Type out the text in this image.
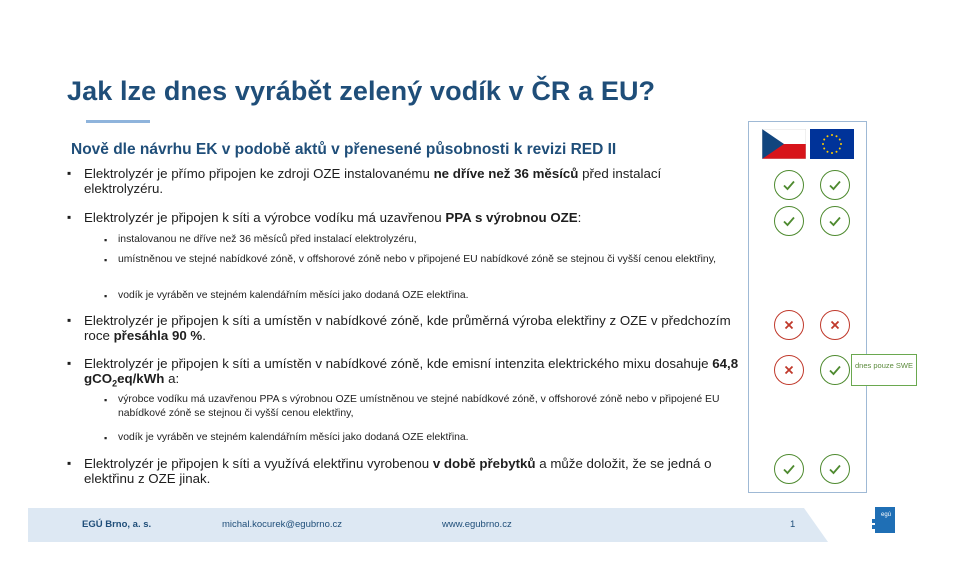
Jak lze dnes vyrábět zelený vodík v ČR a EU?
Nově dle návrhu EK v podobě aktů v přenesené působnosti k revizi RED II
▪ Elektrolyzér je přímo připojen ke zdroji OZE instalovanému ne dříve než 36 měsíců před instalací elektrolyzéru.
▪ Elektrolyzér je připojen k síti a výrobce vodíku má uzavřenou PPA s výrobnou OZE:
▪ instalovanou ne dříve než 36 měsíců před instalací elektrolyzéru,
▪ umístněnou ve stejné nabídkové zóně, v offshorové zóně nebo v připojené EU nabídkové zóně se stejnou či vyšší cenou elektřiny,
▪ vodík je vyráběn ve stejném kalendářním měsíci jako dodaná OZE elektřina.
▪ Elektrolyzér je připojen k síti a umístěn v nabídkové zóně, kde průměrná výroba elektřiny z OZE v předchozím roce přesáhla 90 %.
▪ Elektrolyzér je připojen k síti a umístěn v nabídkové zóně, kde emisní intenzita elektrického mixu dosahuje 64,8 gCO$_2$eq/kWh a:
▪ výrobce vodíku má uzavřenou PPA s výrobnou OZE umístněnou ve stejné nabídkové zóně, v offshorové zóně nebo v připojené EU nabídkové zóně se stejnou či vyšší cenou elektřiny,
▪ vodík je vyráběn ve stejném kalendářním měsíci jako dodaná OZE elektřina.
▪ Elektrolyzér je připojen k síti a využívá elektřinu vyrobenou v době přebytků a může doložit, že se jedná o elektřinu z OZE jinak.
dnes pouze SWE
EGÚ Brno, a. s.	michal.kocurek@egubrno.cz	www.egubrno.cz	1
egú
